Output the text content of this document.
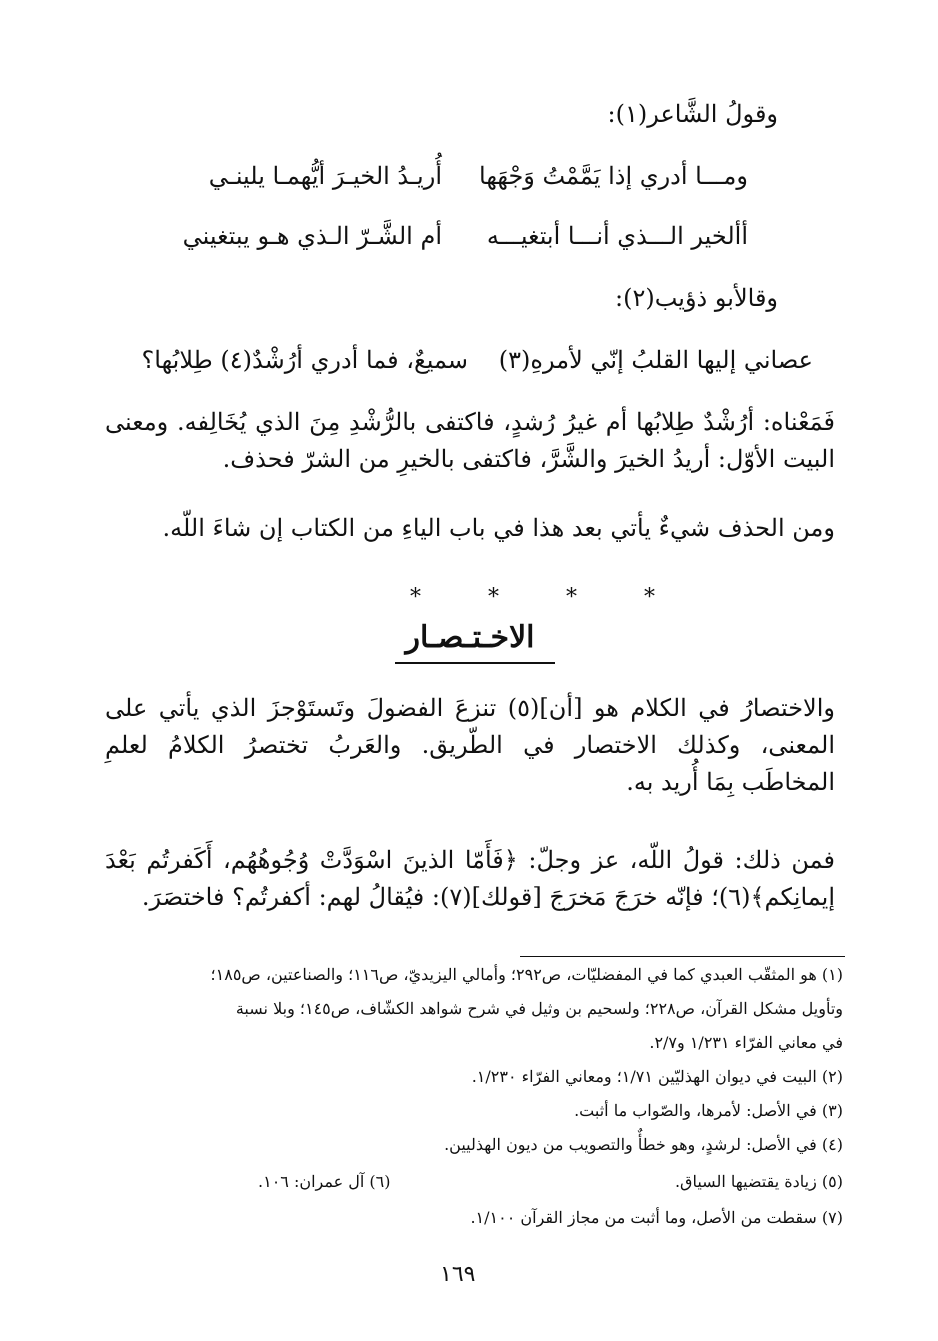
وقولُ الشَّاعر(١):
ومـــا أدري إذا يَمَّمْتُ وَجْهَها
أُريـدُ الخيـرَ أيُّهمـا يلينـي
أألخير الـــذي أنـــا أبتغيـــه
أم الشَّـرّ الـذي هـو يبتغيني
وقالأبو ذؤيب(٢):
عصاني إليها القلبُ إنّي لأمرهِ(٣)
سميعٌ، فما أدري أرُشْدٌ(٤) طِلابُها؟
فَمَعْناه: أرُشْدٌ طِلابُها أم غيرُ رُشدٍ، فاكتفى بالرُّشْدِ مِنَ الذي يُخَالِفه. ومعنى البيت الأوّل: أريدُ الخيرَ والشَّرَّ، فاكتفى بالخيرِ من الشرّ فحذف.
ومن الحذف شيءٌ يأتي بعد هذا في باب الياءِ من الكتاب إن شاءَ اللّه.
* * * *
الاخـتـصـار
والاختصارُ في الكلام هو [أن](٥) تنزعَ الفضولَ وتَستَوْجزَ الذي يأتي على المعنى، وكذلك الاختصار في الطّريق. والعَربُ تختصرُ الكلامُ لعلمِ المخاطَب بِمَا أُريد به.
فمن ذلك: قولُ اللّه، عز وجلّ: ﴿فَأَمّا الذينَ اسْوَدَّتْ وُجُوهُهُم، أَكَفرتُم بَعْدَ إيمانِكم﴾(٦)؛ فإنّه خرَجَ مَخرَجَ [قولك](٧): فيُقالُ لهم: أكفرتُم؟ فاختصَرَ.
(١) هو المثقّب العبدي كما في المفضليّات، ص٢٩٢؛ وأمالي اليزيديّ، ص١١٦؛ والصناعتين، ص١٨٥؛
وتأويل مشكل القرآن، ص٢٢٨؛ ولسحيم بن وثيل في شرح شواهد الكشّاف، ص١٤٥؛ وبلا نسبة
في معاني الفرّاء ١/٢٣١ و٢/٧.
(٢) البيت في ديوان الهذليّين ١/٧١؛ ومعاني الفرّاء ١/٢٣٠.
(٣) في الأصل: لأمرها، والصّواب ما أثبت.
(٤) في الأصل: لرشدٍ، وهو خطأٌ والتصويب من ديون الهذليين.
(٥) زيادة يقتضيها السياق.
(٦) آل عمران: ١٠٦.
(٧) سقطت من الأصل، وما أثبت من مجاز القرآن ١/١٠٠.
١٦٩
